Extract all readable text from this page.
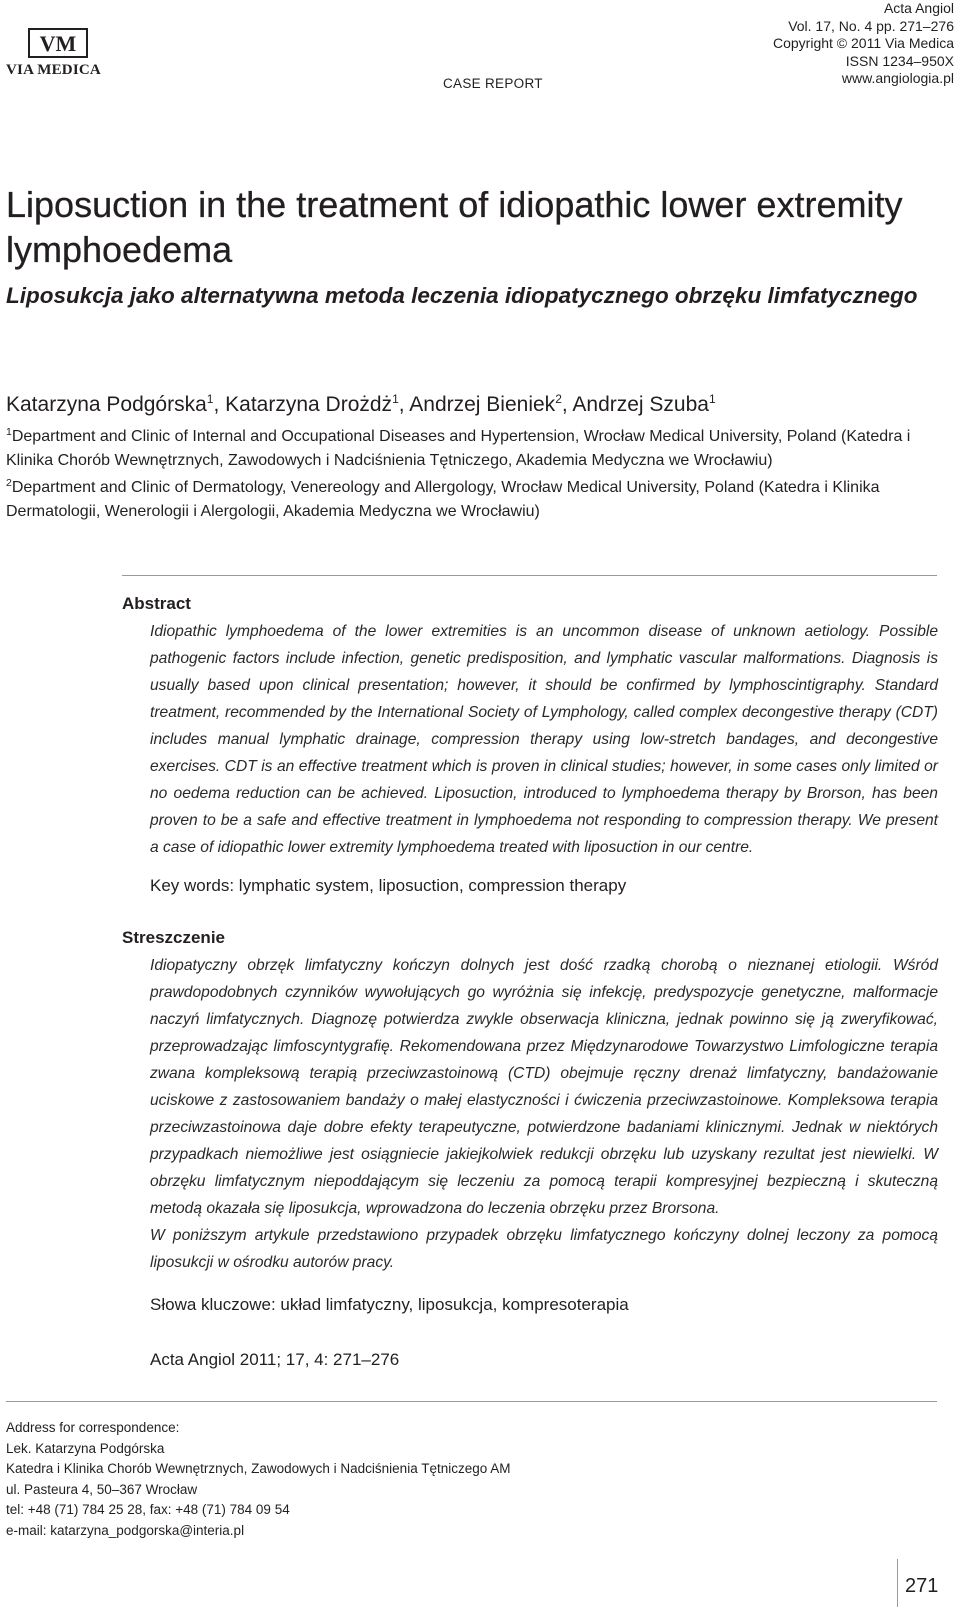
VM
VIA MEDICA
CASE REPORT
Acta Angiol
Vol. 17, No. 4 pp. 271–276
Copyright © 2011 Via Medica
ISSN 1234–950X
www.angiologia.pl
Liposuction in the treatment of idiopathic lower extremity lymphoedema
Liposukcja jako alternatywna metoda leczenia idiopatycznego obrzęku limfatycznego
Katarzyna Podgórska$^1$, Katarzyna Drożdż$^1$, Andrzej Bieniek$^2$, Andrzej Szuba$^1$
$^1$Department and Clinic of Internal and Occupational Diseases and Hypertension, Wrocław Medical University, Poland (Katedra i Klinika Chorób Wewnętrznych, Zawodowych i Nadciśnienia Tętniczego, Akademia Medyczna we Wrocławiu)
$^2$Department and Clinic of Dermatology, Venereology and Allergology, Wrocław Medical University, Poland (Katedra i Klinika Dermatologii, Wenerologii i Alergologii, Akademia Medyczna we Wrocławiu)
Abstract
Idiopathic lymphoedema of the lower extremities is an uncommon disease of unknown aetiology. Possible pathogenic factors include infection, genetic predisposition, and lymphatic vascular malformations. Diagnosis is usually based upon clinical presentation; however, it should be confirmed by lymphoscintigraphy. Standard treatment, recommended by the International Society of Lymphology, called complex decongestive therapy (CDT) includes manual lymphatic drainage, compression therapy using low-stretch bandages, and decongestive exercises. CDT is an effective treatment which is proven in clinical studies; however, in some cases only limited or no oedema reduction can be achieved. Liposuction, introduced to lymphoedema therapy by Brorson, has been proven to be a safe and effective treatment in lymphoedema not responding to compression therapy. We present a case of idiopathic lower extremity lymphoedema treated with liposuction in our centre.
Key words: lymphatic system, liposuction, compression therapy
Streszczenie
Idiopatyczny obrzęk limfatyczny kończyn dolnych jest dość rzadką chorobą o nieznanej etiologii. Wśród prawdopodobnych czynników wywołujących go wyróżnia się infekcję, predyspozycje genetyczne, malformacje naczyń limfatycznych. Diagnozę potwierdza zwykle obserwacja kliniczna, jednak powinno się ją zweryfikować, przeprowadzając limfoscyntygrafię. Rekomendowana przez Międzynarodowe Towarzystwo Limfologiczne terapia zwana kompleksową terapią przeciwzastoinową (CTD) obejmuje ręczny drenaż limfatyczny, bandażowanie uciskowe z zastosowaniem bandaży o małej elastyczności i ćwiczenia przeciwzastoinowe. Kompleksowa terapia przeciwzastoinowa daje dobre efekty terapeutyczne, potwierdzone badaniami klinicznymi. Jednak w niektórych przypadkach niemożliwe jest osiągniecie jakiejkolwiek redukcji obrzęku lub uzyskany rezultat jest niewielki. W obrzęku limfatycznym niepoddającym się leczeniu za pomocą terapii kompresyjnej bezpieczną i skuteczną metodą okazała się liposukcja, wprowadzona do leczenia obrzęku przez Brorsona.
W poniższym artykule przedstawiono przypadek obrzęku limfatycznego kończyny dolnej leczony za pomocą liposukcji w ośrodku autorów pracy.
Słowa kluczowe: układ limfatyczny, liposukcja, kompresoterapia
Acta Angiol 2011; 17, 4: 271–276
Address for correspondence:
Lek. Katarzyna Podgórska
Katedra i Klinika Chorób Wewnętrznych, Zawodowych i Nadciśnienia Tętniczego AM
ul. Pasteura 4, 50–367 Wrocław
tel: +48 (71) 784 25 28, fax: +48 (71) 784 09 54
e-mail: katarzyna_podgorska@interia.pl
271
